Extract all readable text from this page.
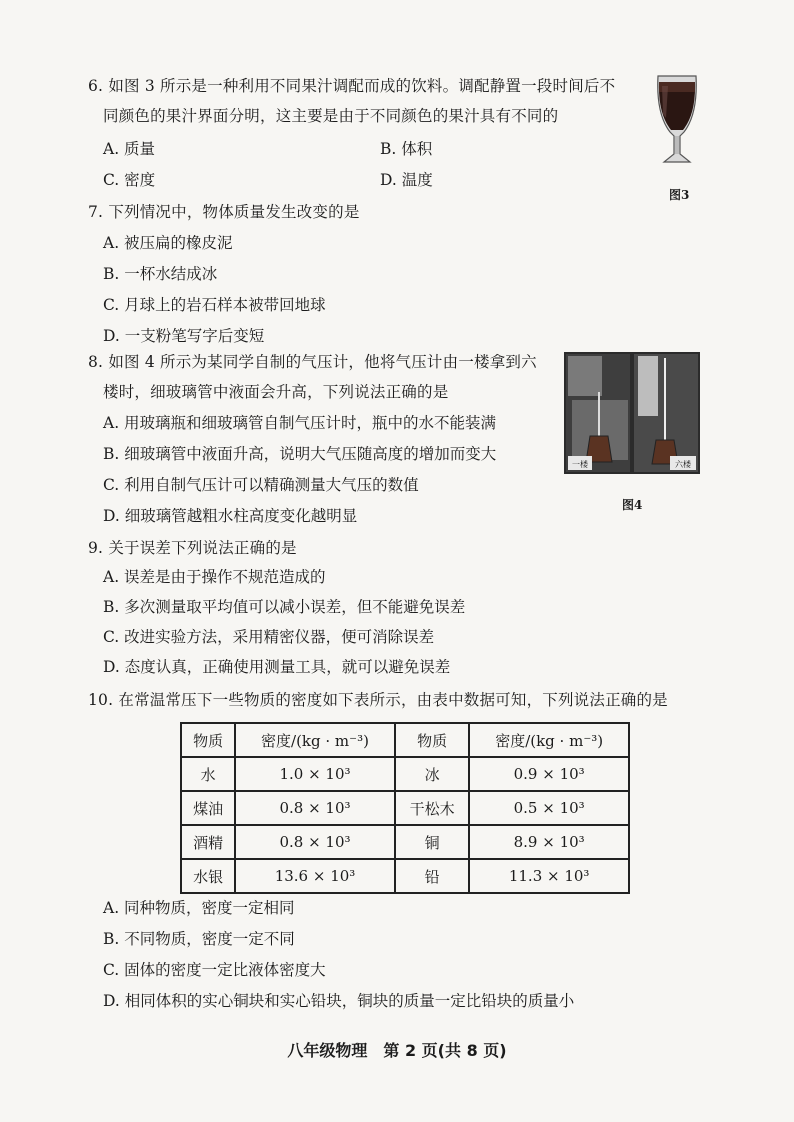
6. 如图 3 所示是一种利用不同果汁调配而成的饮料。调配静置一段时间后不
同颜色的果汁界面分明，这主要是由于不同颜色的果汁具有不同的
A. 质量	B. 体积
C. 密度	D. 温度
图3
7. 下列情况中，物体质量发生改变的是
A. 被压扁的橡皮泥
B. 一杯水结成冰
C. 月球上的岩石样本被带回地球
D. 一支粉笔写字后变短
8. 如图 4 所示为某同学自制的气压计，他将气压计由一楼拿到六
楼时，细玻璃管中液面会升高，下列说法正确的是
A. 用玻璃瓶和细玻璃管自制气压计时，瓶中的水不能装满
B. 细玻璃管中液面升高，说明大气压随高度的增加而变大
C. 利用自制气压计可以精确测量大气压的数值
D. 细玻璃管越粗水柱高度变化越明显
一楼	六楼
图4
9. 关于误差下列说法正确的是
A. 误差是由于操作不规范造成的
B. 多次测量取平均值可以减小误差，但不能避免误差
C. 改进实验方法，采用精密仪器，便可消除误差
D. 态度认真，正确使用测量工具，就可以避免误差
10. 在常温常压下一些物质的密度如下表所示，由表中数据可知，下列说法正确的是
物质	密度/(kg · m⁻³)	物质	密度/(kg · m⁻³)
水	1.0 × 10³	冰	0.9 × 10³
煤油	0.8 × 10³	干松木	0.5 × 10³
酒精	0.8 × 10³	铜	8.9 × 10³
水银	13.6 × 10³	铅	11.3 × 10³
A. 同种物质，密度一定相同
B. 不同物质，密度一定不同
C. 固体的密度一定比液体密度大
D. 相同体积的实心铜块和实心铅块，铜块的质量一定比铅块的质量小
八年级物理　第 2 页(共 8 页)
